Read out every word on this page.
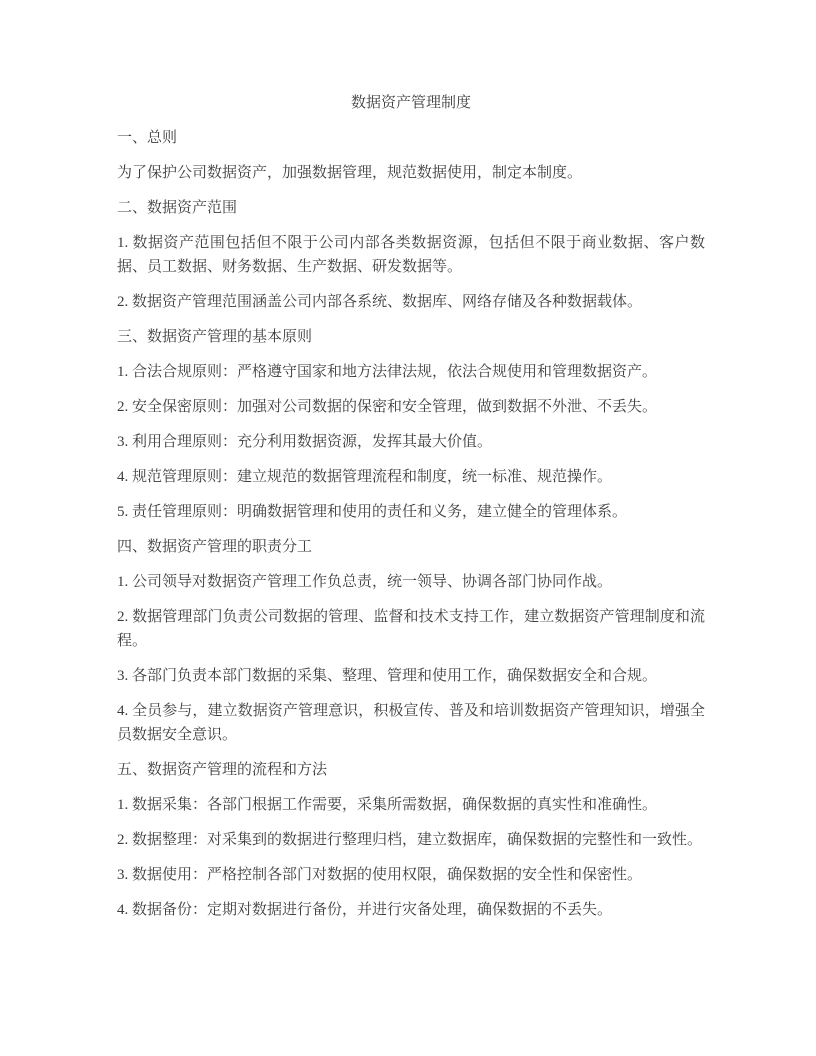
数据资产管理制度

一、总则

为了保护公司数据资产，加强数据管理，规范数据使用，制定本制度。

二、数据资产范围

1. 数据资产范围包括但不限于公司内部各类数据资源，包括但不限于商业数据、客户数据、员工数据、财务数据、生产数据、研发数据等。

2. 数据资产管理范围涵盖公司内部各系统、数据库、网络存储及各种数据载体。

三、数据资产管理的基本原则

1. 合法合规原则：严格遵守国家和地方法律法规，依法合规使用和管理数据资产。

2. 安全保密原则：加强对公司数据的保密和安全管理，做到数据不外泄、不丢失。

3. 利用合理原则：充分利用数据资源，发挥其最大价值。

4. 规范管理原则：建立规范的数据管理流程和制度，统一标准、规范操作。

5. 责任管理原则：明确数据管理和使用的责任和义务，建立健全的管理体系。

四、数据资产管理的职责分工

1. 公司领导对数据资产管理工作负总责，统一领导、协调各部门协同作战。

2. 数据管理部门负责公司数据的管理、监督和技术支持工作，建立数据资产管理制度和流程。

3. 各部门负责本部门数据的采集、整理、管理和使用工作，确保数据安全和合规。

4. 全员参与，建立数据资产管理意识，积极宣传、普及和培训数据资产管理知识，增强全员数据安全意识。

五、数据资产管理的流程和方法

1. 数据采集：各部门根据工作需要，采集所需数据，确保数据的真实性和准确性。

2. 数据整理：对采集到的数据进行整理归档，建立数据库，确保数据的完整性和一致性。

3. 数据使用：严格控制各部门对数据的使用权限，确保数据的安全性和保密性。

4. 数据备份：定期对数据进行备份，并进行灾备处理，确保数据的不丢失。
